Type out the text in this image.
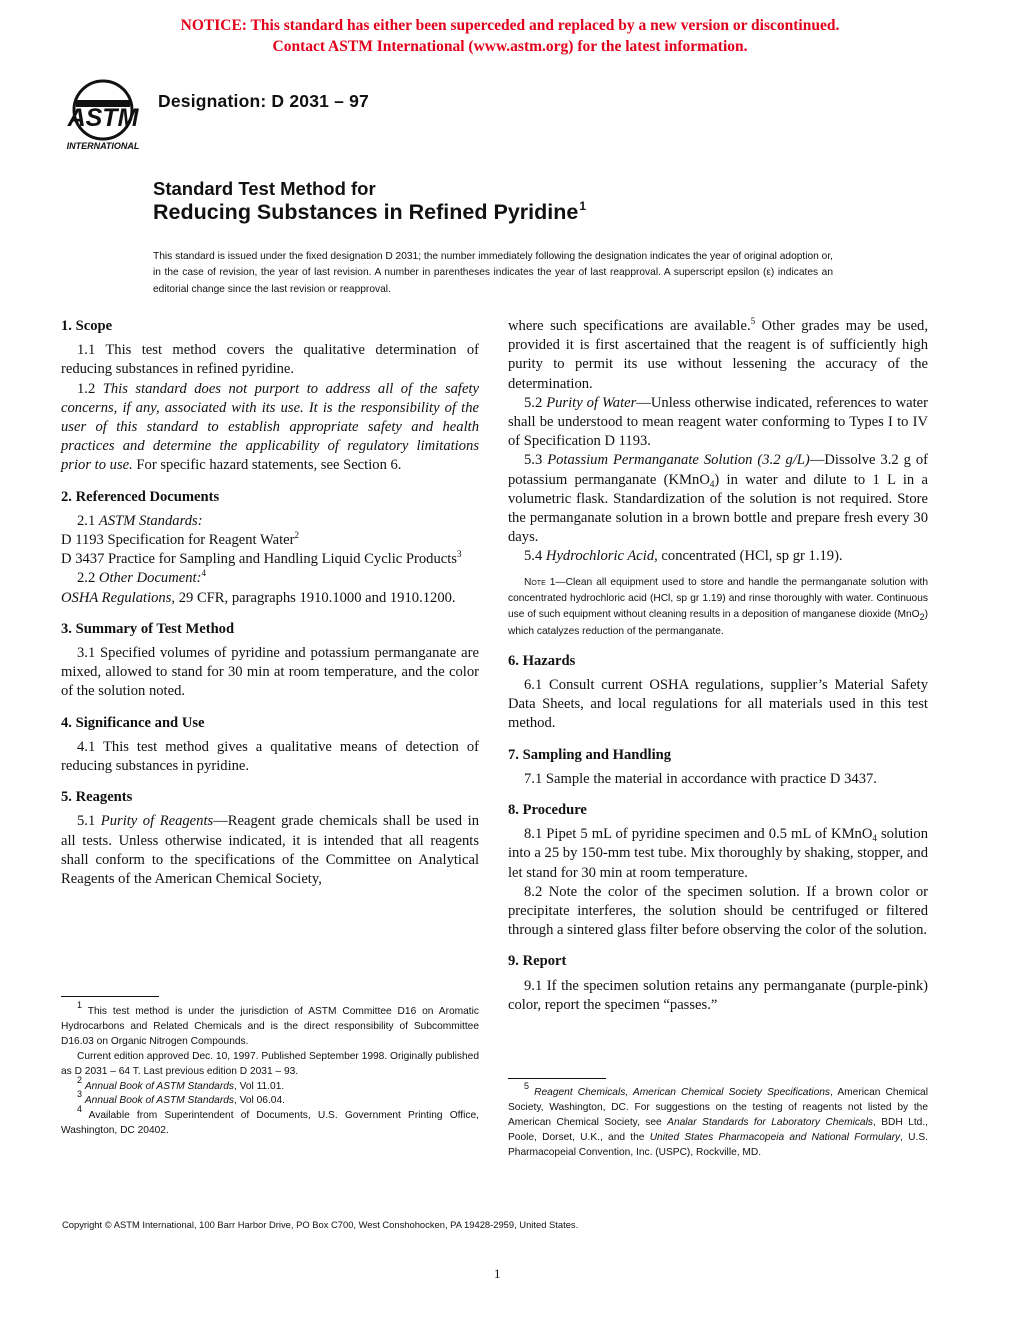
NOTICE: This standard has either been superceded and replaced by a new version or discontinued.
Contact ASTM International (www.astm.org) for the latest information.
ASTM
INTERNATIONAL
Designation: D 2031 – 97
Standard Test Method for
Reducing Substances in Refined Pyridine$^1$
This standard is issued under the fixed designation D 2031; the number immediately following the designation indicates the year of original adoption or, in the case of revision, the year of last revision. A number in parentheses indicates the year of last reapproval. A superscript epsilon (ε) indicates an editorial change since the last revision or reapproval.
1. Scope

1.1 This test method covers the qualitative determination of reducing substances in refined pyridine.

1.2 This standard does not purport to address all of the safety concerns, if any, associated with its use. It is the responsibility of the user of this standard to establish appropriate safety and health practices and determine the applicability of regulatory limitations prior to use. For specific hazard statements, see Section 6.

2. Referenced Documents

2.1 ASTM Standards:

D 1193 Specification for Reagent Water$^2$

D 3437 Practice for Sampling and Handling Liquid Cyclic Products$^3$

2.2 Other Document:$^4$

OSHA Regulations, 29 CFR, paragraphs 1910.1000 and 1910.1200.

3. Summary of Test Method

3.1 Specified volumes of pyridine and potassium permanganate are mixed, allowed to stand for 30 min at room temperature, and the color of the solution noted.

4. Significance and Use

4.1 This test method gives a qualitative means of detection of reducing substances in pyridine.

5. Reagents

5.1 Purity of Reagents—Reagent grade chemicals shall be used in all tests. Unless otherwise indicated, it is intended that all reagents shall conform to the specifications of the Committee on Analytical Reagents of the American Chemical Society,

$^1$ This test method is under the jurisdiction of ASTM Committee D16 on Aromatic Hydrocarbons and Related Chemicals and is the direct responsibility of Subcommittee D16.03 on Organic Nitrogen Compounds.

Current edition approved Dec. 10, 1997. Published September 1998. Originally published as D 2031 – 64 T. Last previous edition D 2031 – 93.

$^2$ Annual Book of ASTM Standards, Vol 11.01.

$^3$ Annual Book of ASTM Standards, Vol 06.04.

$^4$ Available from Superintendent of Documents, U.S. Government Printing Office, Washington, DC 20402.

where such specifications are available.$^5$ Other grades may be used, provided it is first ascertained that the reagent is of sufficiently high purity to permit its use without lessening the accuracy of the determination.

5.2 Purity of Water—Unless otherwise indicated, references to water shall be understood to mean reagent water conforming to Types I to IV of Specification D 1193.

5.3 Potassium Permanganate Solution (3.2 g/L)—Dissolve 3.2 g of potassium permanganate (KMnO$_4$) in water and dilute to 1 L in a volumetric flask. Standardization of the solution is not required. Store the permanganate solution in a brown bottle and prepare fresh every 30 days.

5.4 Hydrochloric Acid, concentrated (HCl, sp gr 1.19).

Note 1—Clean all equipment used to store and handle the permanganate solution with concentrated hydrochloric acid (HCl, sp gr 1.19) and rinse thoroughly with water. Continuous use of such equipment without cleaning results in a deposition of manganese dioxide (MnO$_2$) which catalyzes reduction of the permanganate.
6. Hazards

6.1 Consult current OSHA regulations, supplier’s Material Safety Data Sheets, and local regulations for all materials used in this test method.

7. Sampling and Handling

7.1 Sample the material in accordance with practice D 3437.

8. Procedure

8.1 Pipet 5 mL of pyridine specimen and 0.5 mL of KMnO$_4$ solution into a 25 by 150-mm test tube. Mix thoroughly by shaking, stopper, and let stand for 30 min at room temperature.

8.2 Note the color of the specimen solution. If a brown color or precipitate interferes, the solution should be centrifuged or filtered through a sintered glass filter before observing the color of the solution.

9. Report

9.1 If the specimen solution retains any permanganate (purple-pink) color, report the specimen “passes.”

$^5$ Reagent Chemicals, American Chemical Society Specifications, American Chemical Society, Washington, DC. For suggestions on the testing of reagents not listed by the American Chemical Society, see Analar Standards for Laboratory Chemicals, BDH Ltd., Poole, Dorset, U.K., and the United States Pharmacopeia and National Formulary, U.S. Pharmacopeial Convention, Inc. (USPC), Rockville, MD.

Copyright © ASTM International, 100 Barr Harbor Drive, PO Box C700, West Conshohocken, PA 19428-2959, United States.
1
